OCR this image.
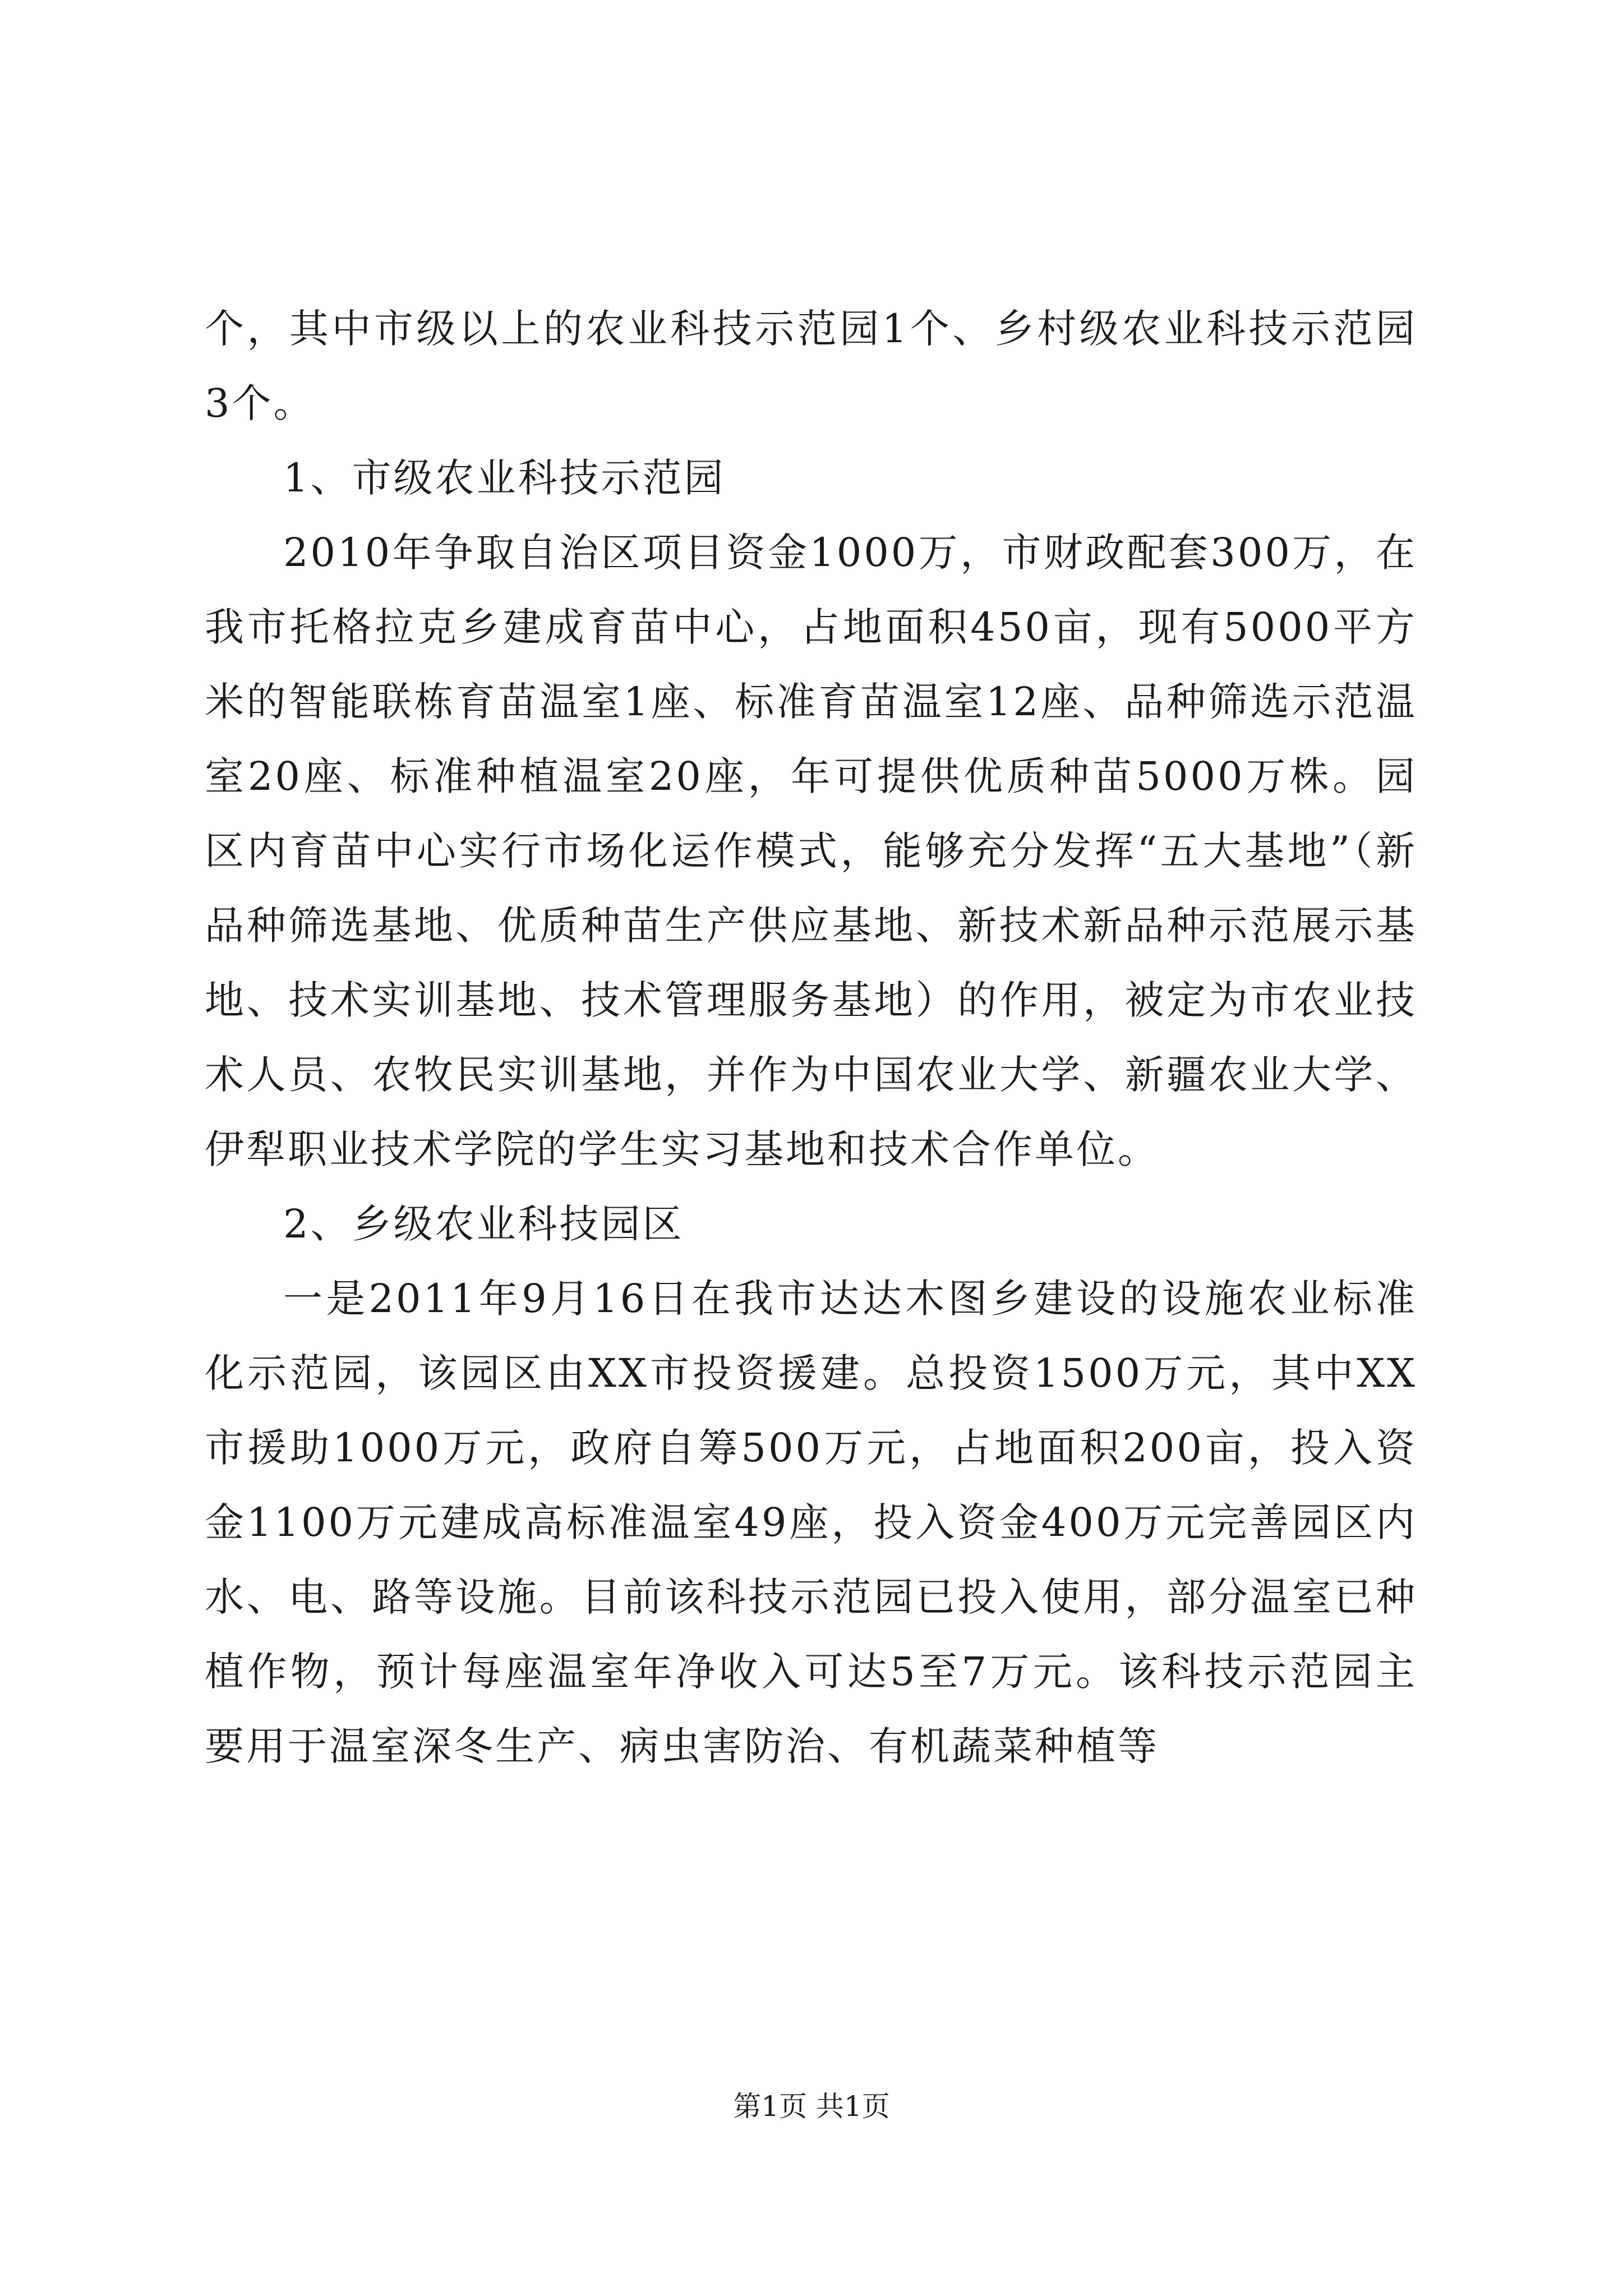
个，其中市级以上的农业科技示范园1个、乡村级农业科技示范园3个。

1、市级农业科技示范园

2010年争取自治区项目资金1000万，市财政配套300万，在我市托格拉克乡建成育苗中心，占地面积450亩，现有5000平方米的智能联栋育苗温室1座、标准育苗温室12座、品种筛选示范温室20座、标准种植温室20座，年可提供优质种苗5000万株。园区内育苗中心实行市场化运作模式，能够充分发挥“五大基地”（新品种筛选基地、优质种苗生产供应基地、新技术新品种示范展示基地、技术实训基地、技术管理服务基地）的作用，被定为市农业技术人员、农牧民实训基地，并作为中国农业大学、新疆农业大学、伊犁职业技术学院的学生实习基地和技术合作单位。

2、乡级农业科技园区

一是2011年9月16日在我市达达木图乡建设的设施农业标准化示范园，该园区由XX市投资援建。总投资1500万元，其中XX市援助1000万元，政府自筹500万元，占地面积200亩，投入资金1100万元建成高标准温室49座，投入资金400万元完善园区内水、电、路等设施。目前该科技示范园已投入使用，部分温室已种植作物，预计每座温室年净收入可达5至7万元。该科技示范园主要用于温室深冬生产、病虫害防治、有机蔬菜种植等

第1页 共1页
